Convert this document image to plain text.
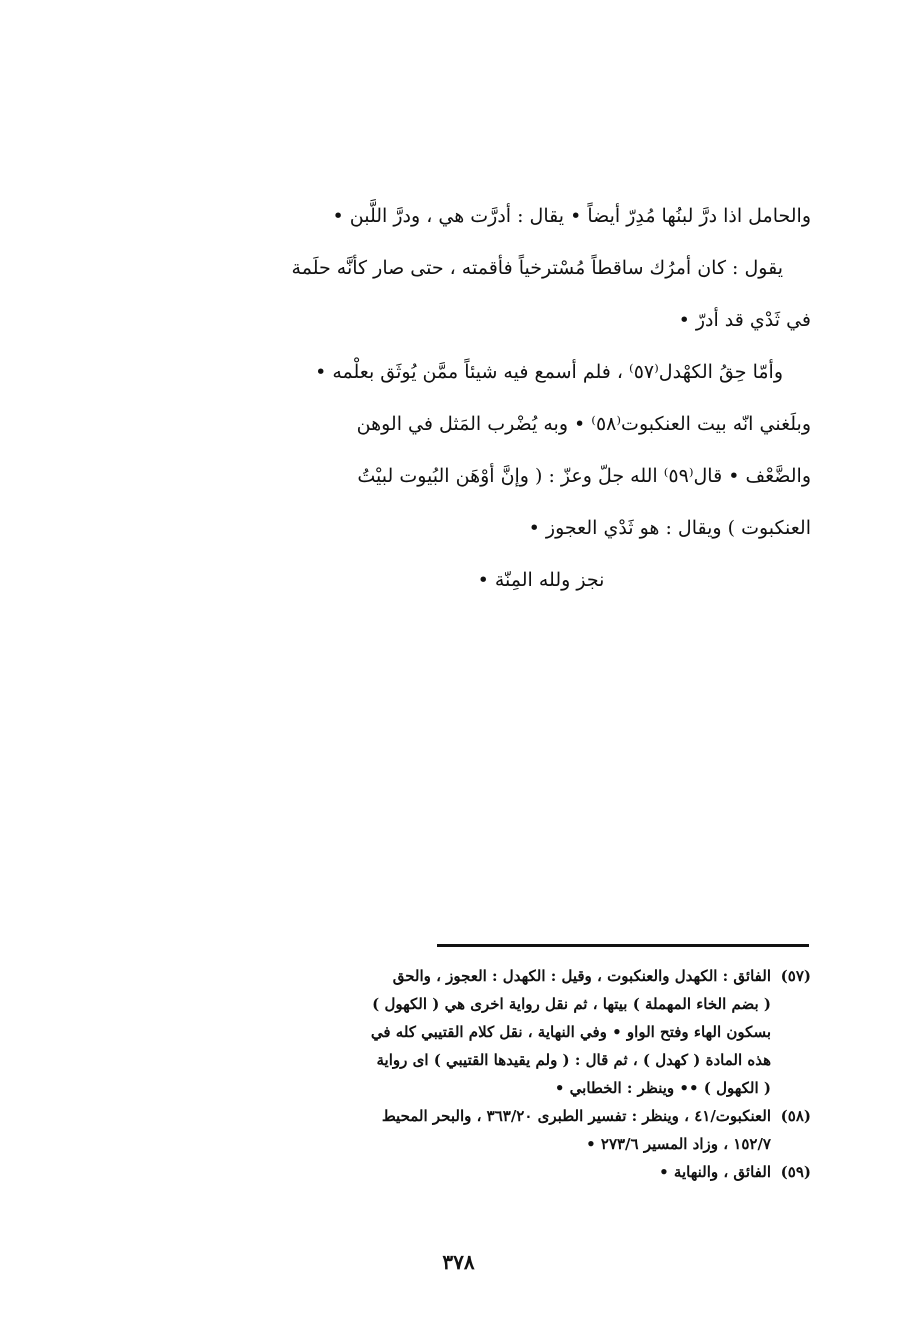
والحامل اذا درَّ لبنُها مُدِرّ أيضاً • يقال : أدرَّت هي ، ودرَّ اللَّبن •

يقول : كان أمرُك ساقطاً مُسْترخياً فأقمته ، حتى صار كأنَّه حلَمة

في ثَدْي قد أدرّ •

وأمّا حِقُ الكهْدل⁽٥٧⁾ ، فلم أسمع فيه شيئاً ممَّن يُوثَق بعلْمه •

وبلَغني انّه بيت العنكبوت⁽٥٨⁾ • وبه يُضْرب المَثل في الوهن

والضَّعْف • قال⁽٥٩⁾ الله جلّ وعزّ : ( وإنَّ أوْهَن البُيوت لبيْتُ

العنكبوت ) ويقال : هو ثَدْي العجوز •

نجز ولله المِنّة •

(٥٧)
الفائق : الكهدل والعنكبوت ، وقيل : الكهدل : العجوز ، والحق
( بضم الخاء المهملة ) بيتها ، ثم نقل رواية اخرى هي ( الكهول )
بسكون الهاء وفتح الواو • وفي النهاية ، نقل كلام القتيبي كله في
هذه المادة ( كهدل ) ، ثم قال : ( ولم يقيدها القتيبي ) اى رواية
( الكهول ) •• وينظر : الخطابي •
(٥٨)
العنكبوت/٤١ ، وينظر : تفسير الطبرى ٣٦٣/٢٠ ، والبحر المحيط
١٥٢/٧ ، وزاد المسير ٢٧٣/٦ •
(٥٩)
الفائق ، والنهاية •
٣٧٨
